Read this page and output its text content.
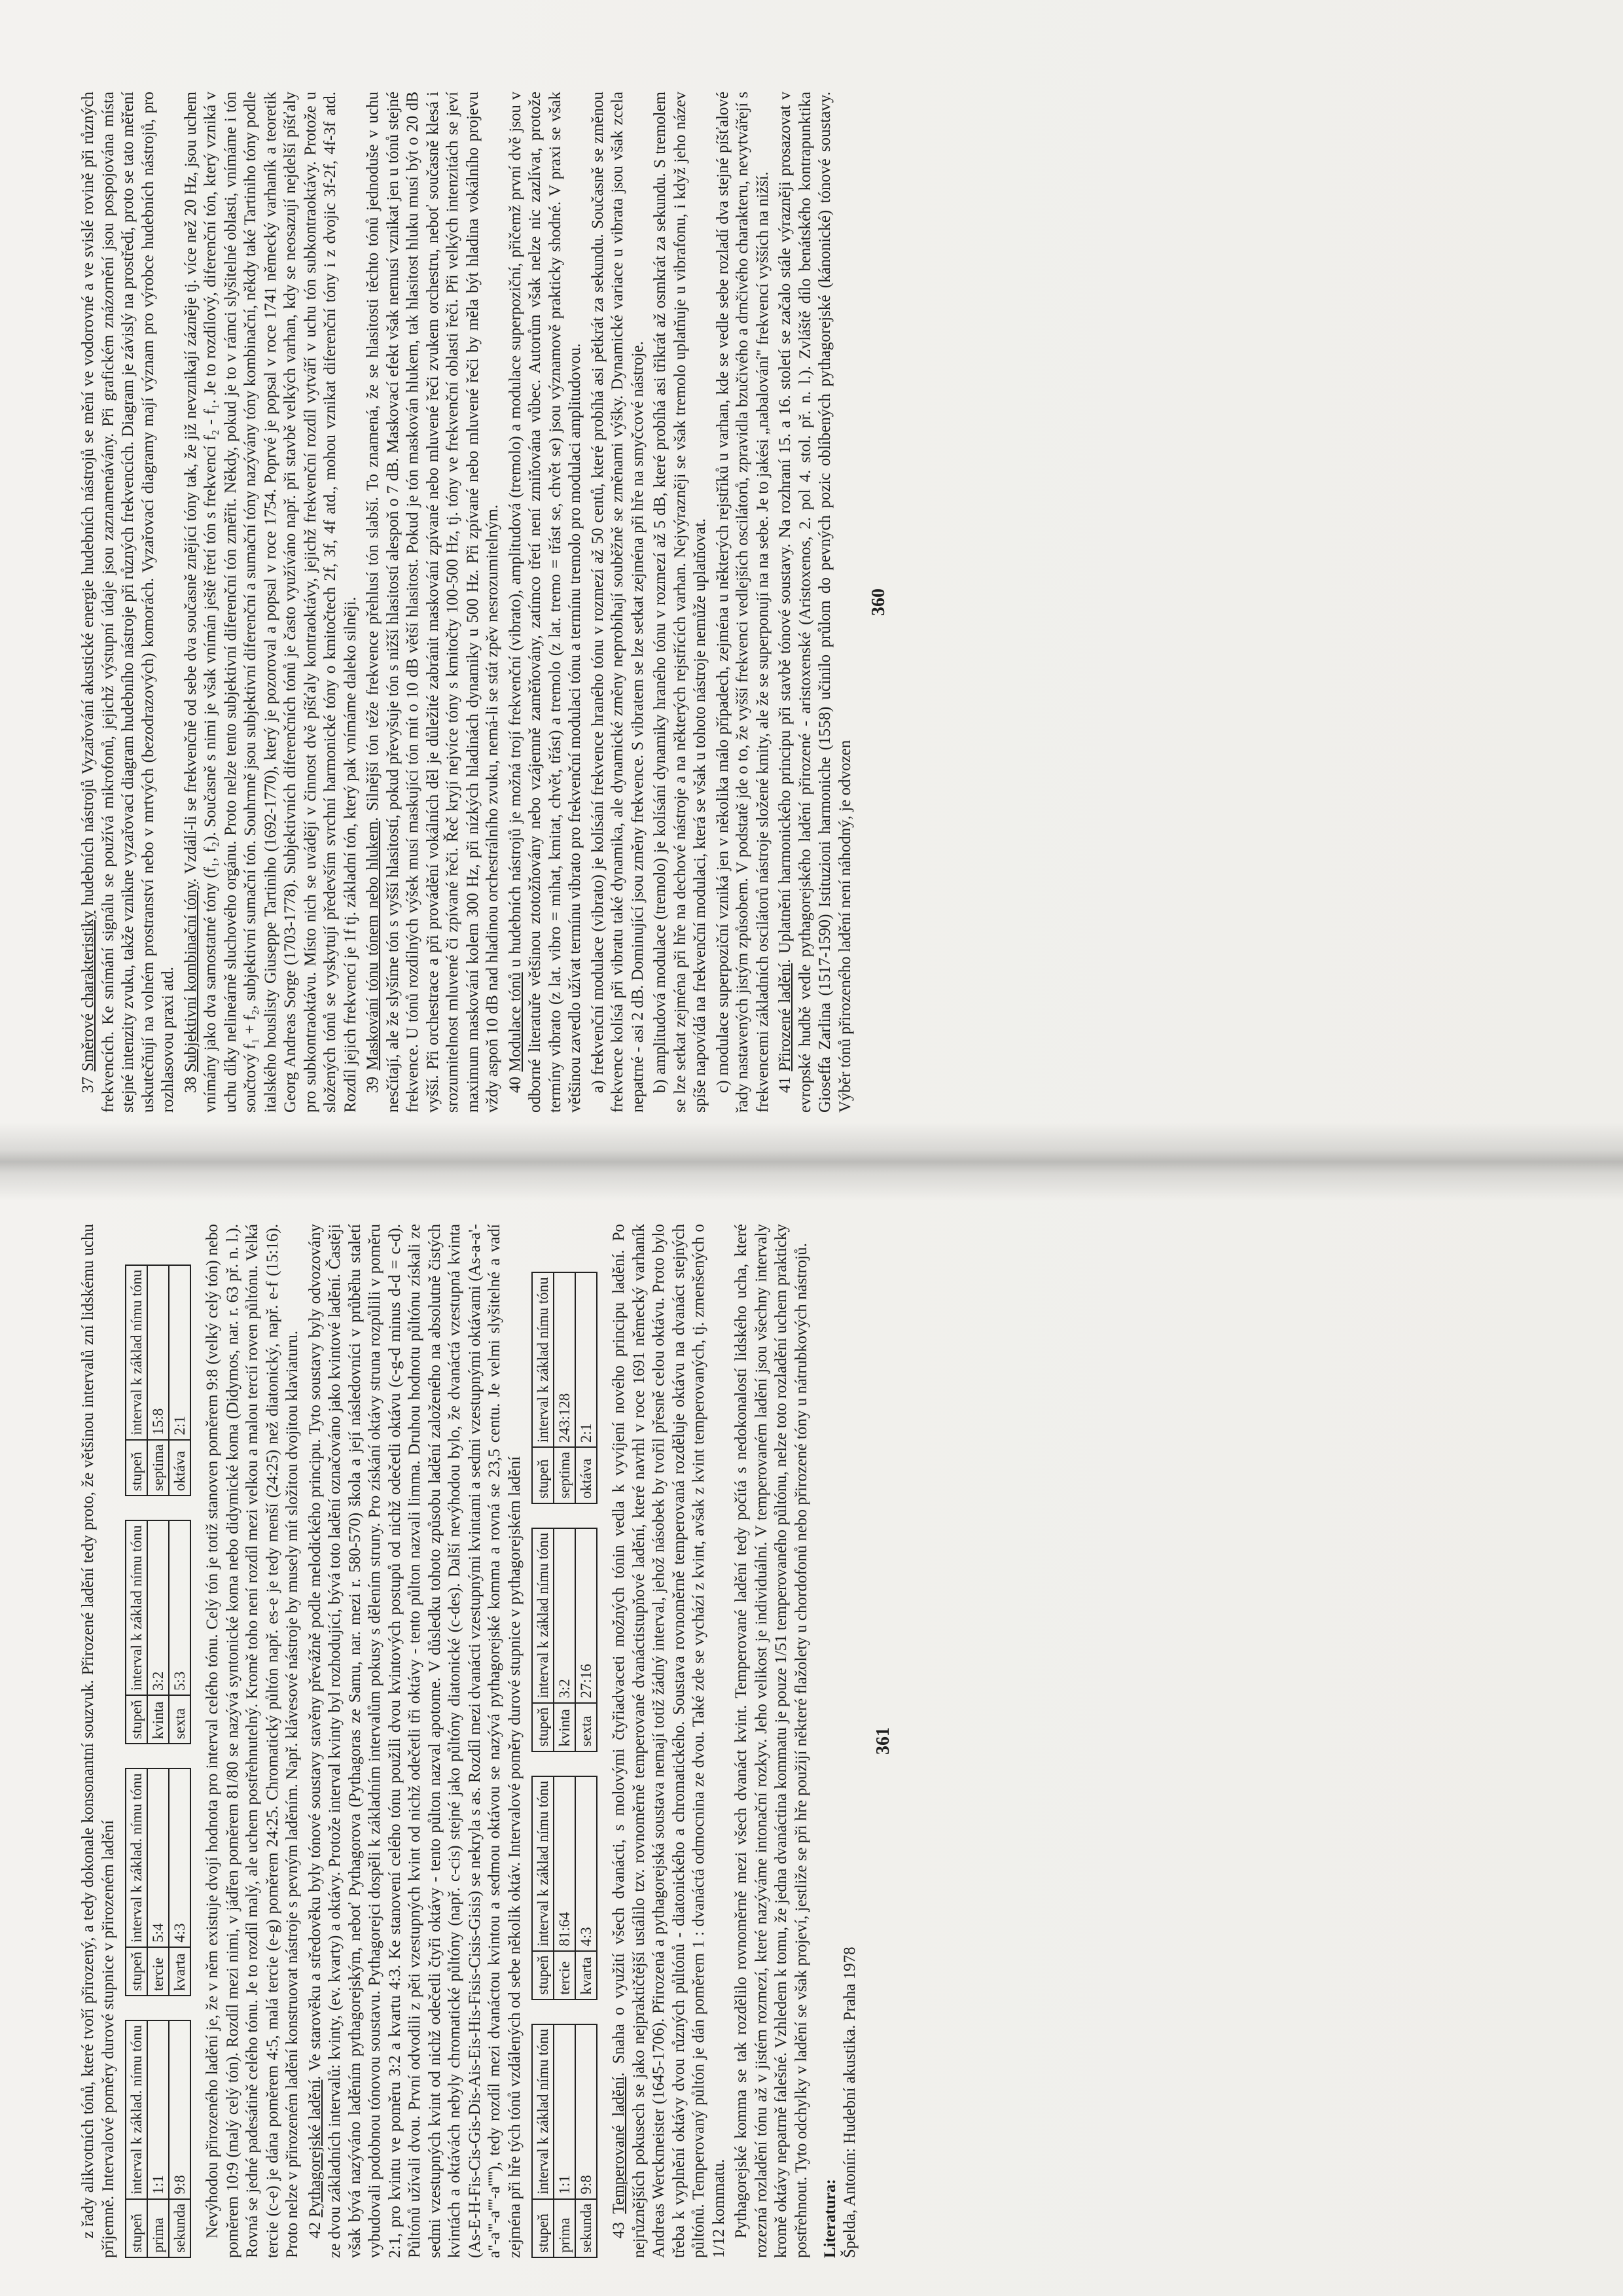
37 Směrové charakteristiky hudebních nástrojů Vyzařování akustické energie hudebních nástrojů se mění ve vodorovné a ve svislé rovině při různých frekvencích. Ke snímání signálu se používá mikrofonů, jejichž výstupní údaje jsou zaznamenávány. Při grafickém znázornění jsou pospojována místa stejné intenzity zvuku, takže vznikne vyzařovací diagram hudebního nástroje při různých frekvencích. Diagram je závislý na prostředí, proto se tato měření uskutečňují na volném prostranství nebo v mrtvých (bezodrazových) komorách. Vyzařovací diagramy mají význam pro výrobce hudebních nástrojů, pro rozhlasovou praxi atd. 38 Subjektivní kombinační tóny. Vzdálí-li se frekvenčně od sebe dva současně znějící tóny tak, že již nevznikají zázněje tj. více než 20 Hz, jsou uchem vnímány jako dva samostatné tóny (f₁, f₂). Současně s nimi je však vnímán ještě třetí tón s frekvencí f₂ - f₁. Je to rozdílový, diferenční tón, který vzniká v uchu díky nelineárně sluchového orgánu. Proto nelze tento subjektivní diferenční tón změřit. Někdy, pokud je to v rámci slyšitelné oblasti, vnímáme i tón součtový f₁ + f₂, subjektivní sumační tón. Souhrnně jsou subjektivní diferenční a sumační tóny nazývány tóny kombinační, někdy také Tartiniho tóny podle italského houslisty Giuseppe Tartiniho (1692-1770), který je pozoroval a popsal v roce 1754. Poprvé je popsal v roce 1741 německý varhaník a teoretik Georg Andreas Sorge (1703-1778). Subjektivních diferenčních tónů je často využíváno např. při stavbě velkých varhan, kdy se neosazují nejdelší píšťaly pro subkontraoktávu. Místo nich se uvádějí v činnost dvě píšťaly kontraoktávy, jejichž frekvenční rozdíl vytváří v uchu tón subkontraoktávy. Protože u složených tónů se vyskytují především svrchní harmonické tóny o kmitočtech 2f, 3f, 4f atd., mohou vznikat diferenční tóny i z dvojic 3f-2f, 4f-3f atd. Rozdíl jejich frekvencí je 1f tj. základní tón, který pak vnímáme daleko silněji. 39 Maskování tónu tónem nebo hlukem. Silnější tón téže frekvence přehlusí tón slabší. To znamená, že se hlasitosti těchto tónů jednoduše v uchu nesčítají, ale že slyšíme tón s vyšší hlasitostí, pokud převyšuje tón s nižší hlasitostí alespoň o 7 dB. Maskovací efekt však nemusí vznikat jen u tónů stejné frekvence. U tónů rozdílných výšek musí maskující tón mít o 10 dB větší hlasitost. Pokud je tón maskován hlukem, tak hlasitost hluku musí být o 20 dB vyšší. Při orchestrace a při provádění vokálních děl je důležité zabránit maskování zpívané nebo mluvené řeči zvukem orchestru, neboť současně klesá i srozumitelnost mluvené či zpívané řeči. Řeč kryjí nejvíce tóny s kmitočty 100-500 Hz, tj. tóny ve frekvenční oblasti řeči. Při velkých intenzitách se jeví maximum maskování kolem 300 Hz, při nízkých hladinách dynamiky u 500 Hz. Při zpívané nebo mluvené řeči by měla být hladina vokálního projevu vždy aspoň 10 dB nad hladinou orchestrálního zvuku, nemá-li se stát zpěv nesrozumitelným. 40 Modulace tónů u hudebních nástrojů je možná trojí frekvenční (vibrato), amplitudová (tremolo) a modulace superpoziční, přičemž první dvě jsou v odborné literatuře většinou ztotožňovány nebo vzájemně zaměňovány, zatímco třetí není zmiňována vůbec. Autorům však nelze nic zazlívat, protože termíny vibrato (z lat. vibro = mihat, kmitat, chvět, třást) a tremolo (z lat. tremo = třást se, chvět se) jsou významově prakticky shodné. V praxi se však většinou zavedlo užívat termínu vibrato pro frekvenční modulaci tónu a termínu tremolo pro modulaci amplitudovou. a) frekvenční modulace (vibrato) je kolísání frekvence hraného tónu v rozmezí až 50 centů, které probíhá asi pětkrát za sekundu. Současně se změnou frekvence kolísá při vibratu také dynamika, ale dynamické změny neprobíhají souběžně se změnami výšky. Dynamické variace u vibrata jsou však zcela nepatrné - asi 2 dB. Dominující jsou změny frekvence. S vibratem se lze setkat zejména při hře na smyčcové nástroje. b) amplitudová modulace (tremolo) je kolísání dynamiky hraného tónu v rozmezí až 5 dB, které probíhá asi třikrát až osmkrát za sekundu. S tremolem se lze setkat zejména při hře na dechové nástroje a na některých rejstřících varhan. Nejvýrazněji se však tremolo uplatňuje u vibrafonu, i když jeho název spíše napovídá na frekvenční modulaci, která se však u tohoto nástroje nemůže uplatňovat. c) modulace superpoziční vzniká jen v několika málo případech, zejména u některých rejstříků u varhan, kde se vedle sebe rozladí dva stejné píšťalové řady nastavených jistým způsobem. V podstatě jde o to, že vyšší frekvenci vedlejších oscilátorů, zpravidla bzučivého a drnčivého charakteru, nevytvářejí s frekvencemi základních oscilátorů nástroje složené kmity, ale že se superponují na na sebe. Je to jakési „nabalování" frekvencí vyšších na nižší. 41 Přirozené ladění. Uplatnění harmonického principu při stavbě tónové soustavy. Na rozhraní 15. a 16. století se začalo stále výrazněji prosazovat v evropské hudbě vedle pythagorejského ladění přirozené - aristoxenské (Aristoxenos, 2. pol 4. stol. př. n. l.). Zvláště dílo benátského kontrapunktika Gioseffa Zarlina (1517-1590) Istituzioni harmoniche (1558) učinilo průlom do pevných pozic oblíbených pythagorejské (kánonické) tónové soustavy. Výběr tónů přirozeného ladění není náhodný, je odvozen

360

z řady alikvotních tónů, které tvoří přirozený, a tedy dokonale konsonantní souzvuk. Přirozené ladění tedy proto, že většinou intervalů zní lidskému uchu příjemně. Intervalové poměry durové stupnice v přirozeném ladění stupeň	interval k základ. nímu tónu
prima	1:1
sekunda	9:8
stupeň	interval k základ. nímu tónu
tercie	5:4
kvarta	4:3
stupeň	interval k základ nímu tónu
kvinta	3:2
sexta	5:3
stupeň	interval k základ nímu tónu
septima	15:8
oktáva	2:1 Nevýhodou přirozeného ladění je, že v něm existuje dvojí hodnota pro interval celého tónu. Celý tón je totiž stanoven poměrem 9:8 (velký celý tón) nebo poměrem 10:9 (malý celý tón). Rozdíl mezi nimi, v jádřen poměrem 81/80 se nazývá syntonické koma nebo didymické koma (Didymos, nar. r. 63 př. n. l.). Rovná se jedné padesátině celého tónu. Je to rozdíl malý, ale uchem postřehnutelný. Kromě toho není rozdíl mezi velkou a malou tercií roven půltónu. Velká tercie (c-e) je dána poměrem 4:5, malá tercie (e-g) poměrem 24:25. Chromatický půltón např. es-e je tedy menší (24:25) než diatonický, např. e-f (15:16). Proto nelze v přirozeném ladění konstruovat nástroje s pevným laděním. Např. klávesové nástroje by musely mít složitou dvojitou klaviaturu. 42 Pythagorejské ladění. Ve starověku a středověku byly tónové soustavy stavěny převážně podle melodického principu. Tyto soustavy byly odvozovány ze dvou základních intervalů: kvinty, (ev. kvarty) a oktávy. Protože interval kvinty byl rozhodující, bývá toto ladění označováno jako kvintové ladění. Častěji však bývá nazýváno laděním pythagorejským, neboť Pythagorova (Pythagoras ze Samu, nar. mezi r. 580-570) škola a její následovníci v průběhu staletí vybudovali podobnou tónovou soustavu. Pythagorejci dospěli k základním intervalům pokusy s dělením struny. Pro získání oktávy struna rozpůlili v poměru 2:1, pro kvintu ve poměru 3:2 a kvartu 4:3. Ke stanovení celého tónu použili dvou kvintových postupů od nichž odečetli oktávu (c-g-d minus d-d = c-d). Půltónů užívali dvou. První odvodili z pěti vzestupných kvint od nichž odečetli tři oktávy - tento půlton nazvali limma. Druhou hodnotu půltónu získali ze sedmi vzestupných kvint od nichž odečetli čtyři oktávy - tento půlton nazval apotome. V důsledku tohoto způsobu ladění založeného na absolutně čistých kvintách a oktávách nebyly chromatické půltóny (např. c-cis) stejné jako půltóny diatonické (c-des). Další nevýhodou bylo, že dvanáctá vzestupná kvinta (As-E-H-Fis-Cis-Gis-Dis-Ais-Eis-His-Fisis-Cisis-Gisis) se nekryla s as. Rozdíl mezi dvanácti vzestupnými kvintami a sedmi vzestupnými oktávami (As-a-a'-a''-a'''-a''''-a'''''), tedy rozdíl mezi dvanáctou kvintou a sedmou oktávou se nazývá pythagorejské komma a rovná se 23,5 centu. Je velmi slyšitelné a vadí zejména při hře tých tónů vzdálených od sebe několik oktáv. Intervalové poměry durové stupnice v pythagorejském ladění stupeň	interval k základ nímu tónu
prima	1:1
sekunda	9:8
stupeň	interval k základ nímu tónu
tercie	81:64
kvarta	4:3
stupeň	interval k základ nímu tónu
kvinta	3:2
sexta	27:16
stupeň	interval k základ nímu tónu
septima	243:128
oktáva	2:1

43 Temperované ladění. Snaha o využití všech dvanácti, s molovými čtyřiadvaceti možných tónin vedla k vyvíjení nového principu ladění. Po nejrůznějších pokusech se jako nejpraktičtější ustálilo tzv. rovnoměrně temperované dvanáctistupňové ladění, které navrhl v roce 1691 německý varhaník Andreas Werckmeister (1645-1706). Přirozená a pythagorejská soustava nemají totiž žádný interval, jehož násobek by tvořil přesně celou oktávu. Proto bylo třeba k vyplnění oktávy dvou různých půltónů - diatonického a chromatického. Soustava rovnoměrně temperovaná rozděluje oktávu na dvanáct stejných půltónů. Temperovaný půltón je dán poměrem 1 : dvanáctá odmocnina ze dvou. Také zde se vychází z kvint, avšak z kvint temperovaných, tj. zmenšených o 1/12 kommatu. Pythagorejské komma se tak rozdělilo rovnoměrně mezi všech dvanáct kvint. Temperované ladění tedy počítá s nedokonalostí lidského ucha, které rozezná rozladění tónu až v jistém rozmezí, které nazýváme intonační rozkyv. Jeho velikost je individuální. V temperovaném ladění jsou všechny intervaly kromě oktávy nepatrně falešné. Vzhledem k tomu, že jedna dvanáctina kommatu je pouze 1/51 temperovaného půltónu, nelze toto rozladění uchem prakticky postřehnout. Tyto odchylky v ladění se však projeví, jestliže se při hře použijí některé flažolety u chordofonů nebo přirozené tóny u nátrubkových nástrojů. Literatura: Špelda, Antonín: Hudební akustika. Praha 1978
361
